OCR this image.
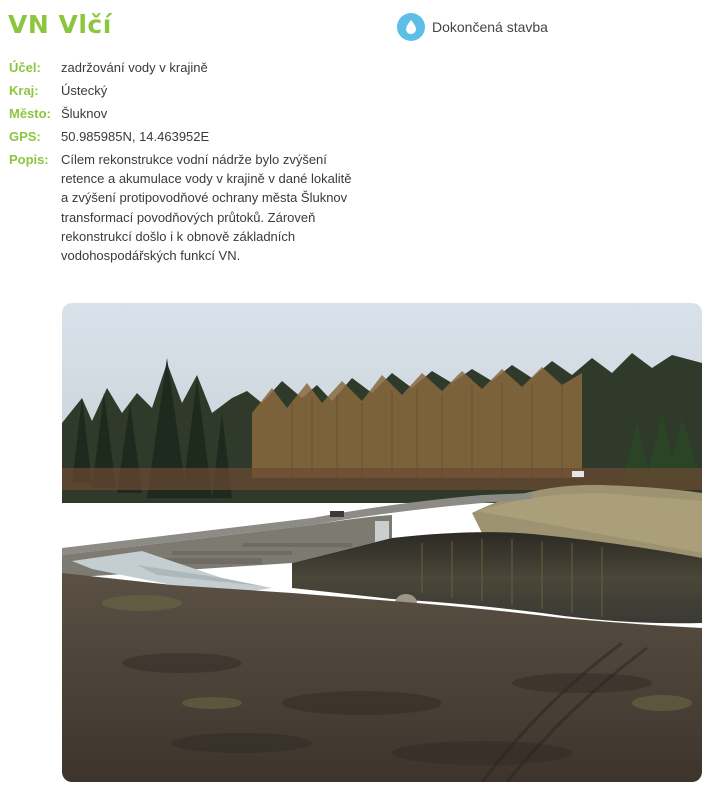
VN Vlčí	Dokončená stavba
Účel:	zadržování vody v krajině
Kraj:	Ústecký
Město: Šluknov
GPS:	50.985985N, 14.463952E
Popis: Cílem rekonstrukce vodní nádrže bylo zvýšení retence a akumulace vody v krajině v dané lokalitě a zvýšení protipovodňové ochrany města Šluknov transformací povodňových průtoků. Zároveň rekonstrukcí došlo i k obnově základních vodohospodářských funkcí VN.
